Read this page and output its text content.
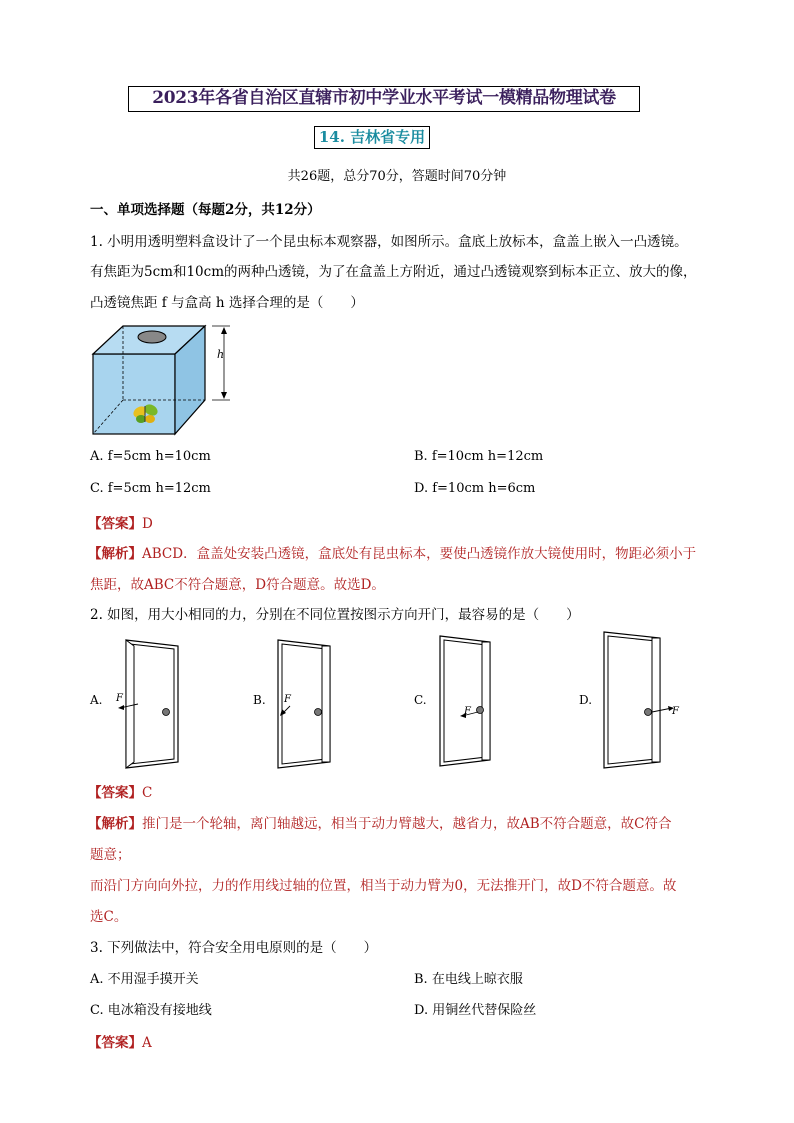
2023年各省自治区直辖市初中学业水平考试一模精品物理试卷
14. 吉林省专用
共26题，总分70分，答题时间70分钟
一、单项选择题（每题2分，共12分）
1. 小明用透明塑料盒设计了一个昆虫标本观察器，如图所示。盒底上放标本，盒盖上嵌入一凸透镜。
有焦距为5cm和10cm的两种凸透镜，为了在盒盖上方附近，通过凸透镜观察到标本正立、放大的像，
凸透镜焦距 f 与盒高 h 选择合理的是（　　）
h
A. f=5cm h=10cm	B. f=10cm h=12cm
C. f=5cm h=12cm	D. f=10cm h=6cm
【答案】D
【解析】ABCD．盒盖处安装凸透镜，盒底处有昆虫标本，要使凸透镜作放大镜使用时，物距必须小于
焦距，故ABC不符合题意，D符合题意。故选D。
2. 如图，用大小相同的力，分别在不同位置按图示方向开门，最容易的是（　　）
A. F	B. F	C.
F
D.
F
【答案】C
【解析】推门是一个轮轴，离门轴越远，相当于动力臂越大，越省力，故AB不符合题意，故C符合
题意；
而沿门方向向外拉，力的作用线过轴的位置，相当于动力臂为0，无法推开门，故D不符合题意。故
选C。
3. 下列做法中，符合安全用电原则的是（　　）
A. 不用湿手摸开关	B. 在电线上晾衣服
C. 电冰箱没有接地线	D. 用铜丝代替保险丝
【答案】A
